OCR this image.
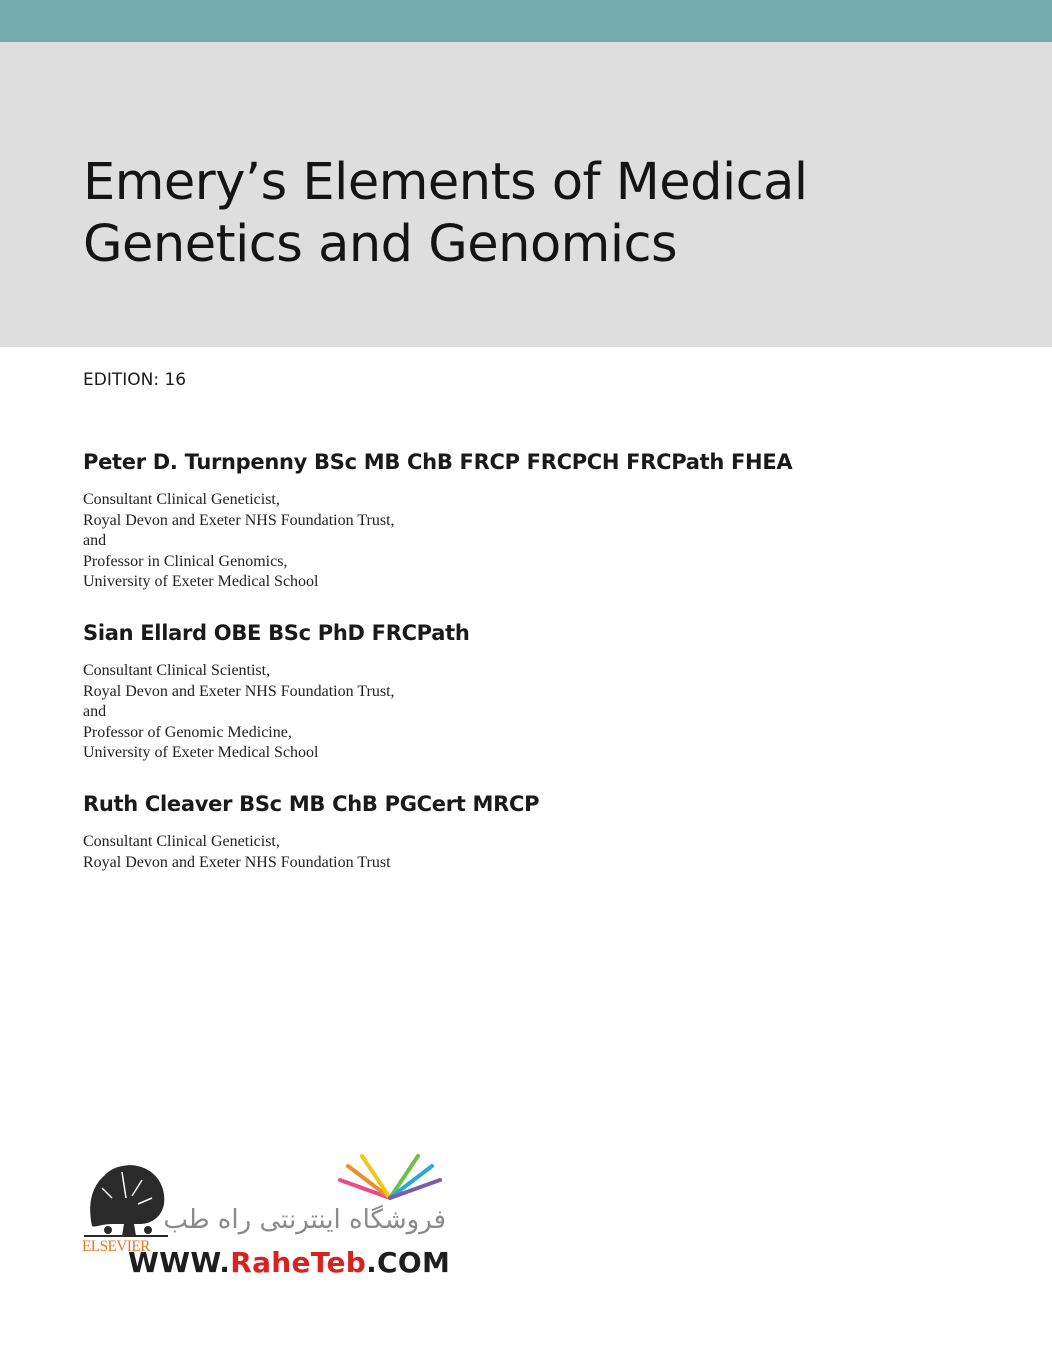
Emery’s Elements of Medical
Genetics and Genomics
EDITION: 16
Peter D. Turnpenny BSc MB ChB FRCP FRCPCH FRCPath FHEA
Consultant Clinical Geneticist,
Royal Devon and Exeter NHS Foundation Trust,
and
Professor in Clinical Genomics,
University of Exeter Medical School
Sian Ellard OBE BSc PhD FRCPath
Consultant Clinical Scientist,
Royal Devon and Exeter NHS Foundation Trust,
and
Professor of Genomic Medicine,
University of Exeter Medical School
Ruth Cleaver BSc MB ChB PGCert MRCP
Consultant Clinical Geneticist,
Royal Devon and Exeter NHS Foundation Trust
ELSEVIER
فروشگاه اینترنتی راه طب
WWW.RaheTeb.COM
